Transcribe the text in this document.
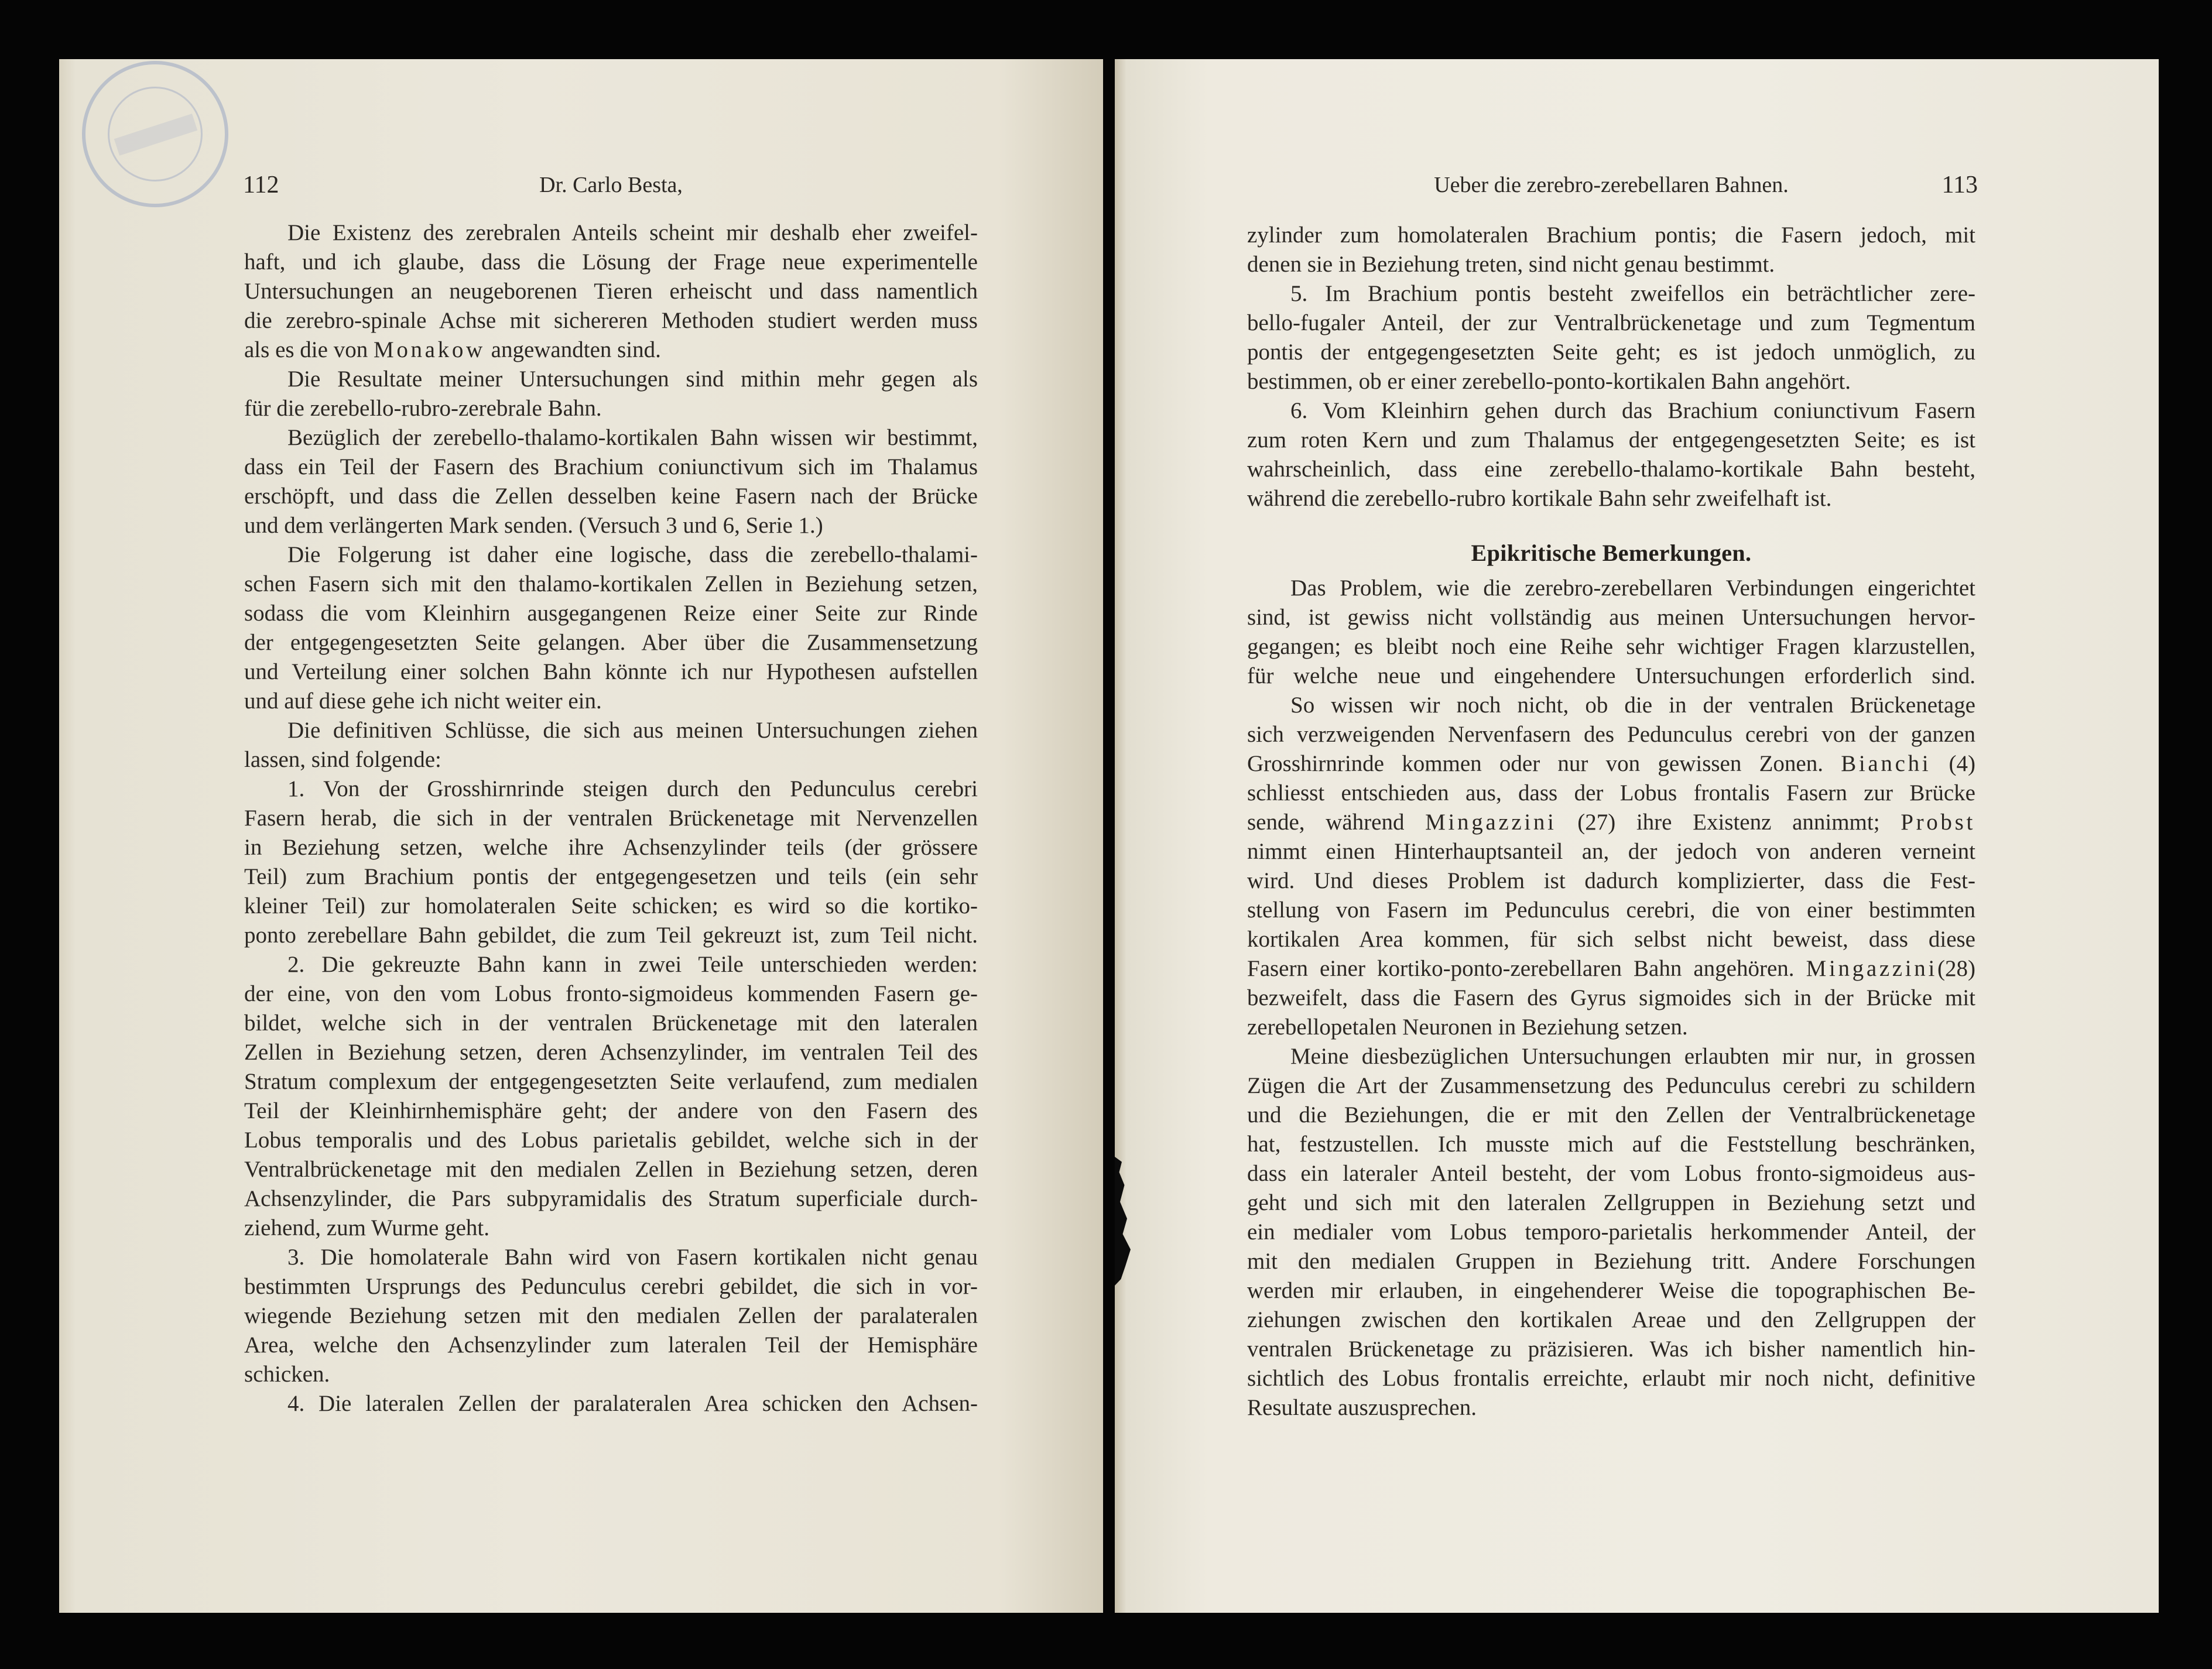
112	Dr. Carlo Besta,
Die Existenz des zerebralen Anteils scheint mir deshalb eher zweifel-
haft, und ich glaube, dass die Lösung der Frage neue experimentelle
Untersuchungen an neugeborenen Tieren erheischt und dass namentlich
die zerebro-spinale Achse mit sichereren Methoden studiert werden muss
als es die von Monakow angewandten sind.
Die Resultate meiner Untersuchungen sind mithin mehr gegen als
für die zerebello-rubro-zerebrale Bahn.
Bezüglich der zerebello-thalamo-kortikalen Bahn wissen wir bestimmt,
dass ein Teil der Fasern des Brachium coniunctivum sich im Thalamus
erschöpft, und dass die Zellen desselben keine Fasern nach der Brücke
und dem verlängerten Mark senden. (Versuch 3 und 6, Serie 1.)
Die Folgerung ist daher eine logische, dass die zerebello-thalami-
schen Fasern sich mit den thalamo-kortikalen Zellen in Beziehung setzen,
sodass die vom Kleinhirn ausgegangenen Reize einer Seite zur Rinde
der entgegengesetzten Seite gelangen. Aber über die Zusammensetzung
und Verteilung einer solchen Bahn könnte ich nur Hypothesen aufstellen
und auf diese gehe ich nicht weiter ein.
Die definitiven Schlüsse, die sich aus meinen Untersuchungen ziehen
lassen, sind folgende:
1. Von der Grosshirnrinde steigen durch den Pedunculus cerebri
Fasern herab, die sich in der ventralen Brückenetage mit Nervenzellen
in Beziehung setzen, welche ihre Achsenzylinder teils (der grössere
Teil) zum Brachium pontis der entgegengesetzen und teils (ein sehr
kleiner Teil) zur homolateralen Seite schicken; es wird so die kortiko-
ponto zerebellare Bahn gebildet, die zum Teil gekreuzt ist, zum Teil nicht.
2. Die gekreuzte Bahn kann in zwei Teile unterschieden werden:
der eine, von den vom Lobus fronto-sigmoideus kommenden Fasern ge-
bildet, welche sich in der ventralen Brückenetage mit den lateralen
Zellen in Beziehung setzen, deren Achsenzylinder, im ventralen Teil des
Stratum complexum der entgegengesetzten Seite verlaufend, zum medialen
Teil der Kleinhirnhemisphäre geht; der andere von den Fasern des
Lobus temporalis und des Lobus parietalis gebildet, welche sich in der
Ventralbrückenetage mit den medialen Zellen in Beziehung setzen, deren
Achsenzylinder, die Pars subpyramidalis des Stratum superficiale durch-
ziehend, zum Wurme geht.
3. Die homolaterale Bahn wird von Fasern kortikalen nicht genau
bestimmten Ursprungs des Pedunculus cerebri gebildet, die sich in vor-
wiegende Beziehung setzen mit den medialen Zellen der paralateralen
Area, welche den Achsenzylinder zum lateralen Teil der Hemisphäre
schicken.
4. Die lateralen Zellen der paralateralen Area schicken den Achsen-
Ueber die zerebro-zerebellaren Bahnen.	113
zylinder zum homolateralen Brachium pontis; die Fasern jedoch, mit
denen sie in Beziehung treten, sind nicht genau bestimmt.
5. Im Brachium pontis besteht zweifellos ein beträchtlicher zere-
bello-fugaler Anteil, der zur Ventralbrückenetage und zum Tegmentum
pontis der entgegengesetzten Seite geht; es ist jedoch unmöglich, zu
bestimmen, ob er einer zerebello-ponto-kortikalen Bahn angehört.
6. Vom Kleinhirn gehen durch das Brachium coniunctivum Fasern
zum roten Kern und zum Thalamus der entgegengesetzten Seite; es ist
wahrscheinlich, dass eine zerebello-thalamo-kortikale Bahn besteht,
während die zerebello-rubro kortikale Bahn sehr zweifelhaft ist.
Epikritische Bemerkungen.
Das Problem, wie die zerebro-zerebellaren Verbindungen eingerichtet
sind, ist gewiss nicht vollständig aus meinen Untersuchungen hervor-
gegangen; es bleibt noch eine Reihe sehr wichtiger Fragen klarzustellen,
für welche neue und eingehendere Untersuchungen erforderlich sind.
So wissen wir noch nicht, ob die in der ventralen Brückenetage
sich verzweigenden Nervenfasern des Pedunculus cerebri von der ganzen
Grosshirnrinde kommen oder nur von gewissen Zonen. Bianchi (4)
schliesst entschieden aus, dass der Lobus frontalis Fasern zur Brücke
sende, während Mingazzini (27) ihre Existenz annimmt; Probst
nimmt einen Hinterhauptsanteil an, der jedoch von anderen verneint
wird. Und dieses Problem ist dadurch komplizierter, dass die Fest-
stellung von Fasern im Pedunculus cerebri, die von einer bestimmten
kortikalen Area kommen, für sich selbst nicht beweist, dass diese
Fasern einer kortiko-ponto-zerebellaren Bahn angehören. Mingazzini(28)
bezweifelt, dass die Fasern des Gyrus sigmoides sich in der Brücke mit
zerebellopetalen Neuronen in Beziehung setzen.
Meine diesbezüglichen Untersuchungen erlaubten mir nur, in grossen
Zügen die Art der Zusammensetzung des Pedunculus cerebri zu schildern
und die Beziehungen, die er mit den Zellen der Ventralbrückenetage
hat, festzustellen. Ich musste mich auf die Feststellung beschränken,
dass ein lateraler Anteil besteht, der vom Lobus fronto-sigmoideus aus-
geht und sich mit den lateralen Zellgruppen in Beziehung setzt und
ein medialer vom Lobus temporo-parietalis herkommender Anteil, der
mit den medialen Gruppen in Beziehung tritt. Andere Forschungen
werden mir erlauben, in eingehenderer Weise die topographischen Be-
ziehungen zwischen den kortikalen Areae und den Zellgruppen der
ventralen Brückenetage zu präzisieren. Was ich bisher namentlich hin-
sichtlich des Lobus frontalis erreichte, erlaubt mir noch nicht, definitive
Resultate auszusprechen.
